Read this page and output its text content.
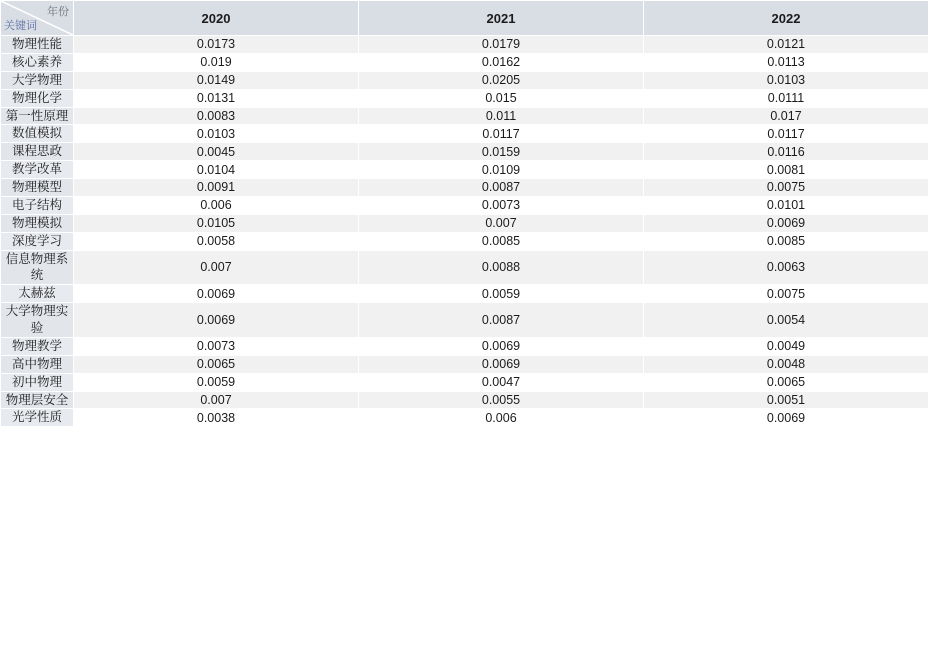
年份
关键词	2020	2021	2022
物理性能	0.0173	0.0179	0.0121
核心素养	0.019	0.0162	0.0113
大学物理	0.0149	0.0205	0.0103
物理化学	0.0131	0.015	0.0111
第一性原理	0.0083	0.011	0.017
数值模拟	0.0103	0.0117	0.0117
课程思政	0.0045	0.0159	0.0116
教学改革	0.0104	0.0109	0.0081
物理模型	0.0091	0.0087	0.0075
电子结构	0.006	0.0073	0.0101
物理模拟	0.0105	0.007	0.0069
深度学习	0.0058	0.0085	0.0085
信息物理系统	0.007	0.0088	0.0063
太赫兹	0.0069	0.0059	0.0075
大学物理实验	0.0069	0.0087	0.0054
物理教学	0.0073	0.0069	0.0049
高中物理	0.0065	0.0069	0.0048
初中物理	0.0059	0.0047	0.0065
物理层安全	0.007	0.0055	0.0051
光学性质	0.0038	0.006	0.0069
